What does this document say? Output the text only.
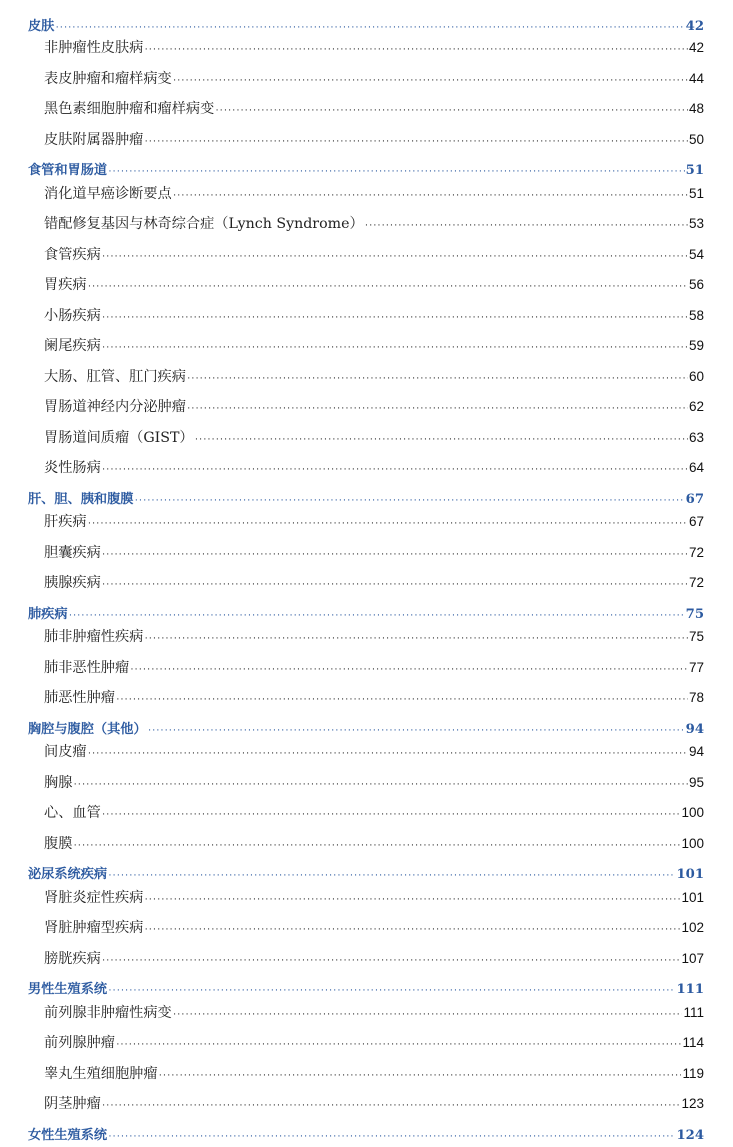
皮肤 ·····	42
非肿瘤性皮肤病 ·····	42
表皮肿瘤和瘤样病变 ·····	44
黑色素细胞肿瘤和瘤样病变 ·····	48
皮肤附属器肿瘤 ·····	50
食管和胃肠道 ·····	51
消化道早癌诊断要点 ·····	51
错配修复基因与林奇综合症（Lynch Syndrome） ·····	53
食管疾病 ·····	54
胃疾病 ·····	56
小肠疾病 ·····	58
阑尾疾病 ·····	59
大肠、肛管、肛门疾病 ·····	60
胃肠道神经内分泌肿瘤 ·····	62
胃肠道间质瘤（GIST） ·····	63
炎性肠病 ·····	64
肝、胆、胰和腹膜 ·····	67
肝疾病 ·····	67
胆囊疾病 ·····	72
胰腺疾病 ·····	72
肺疾病 ·····	75
肺非肿瘤性疾病 ·····	75
肺非恶性肿瘤 ·····	77
肺恶性肿瘤 ·····	78
胸腔与腹腔（其他） ·····	94
间皮瘤 ·····	94
胸腺 ·····	95
心、血管 ·····	100
腹膜 ·····	100
泌尿系统疾病 ·····	101
肾脏炎症性疾病 ·····	101
肾脏肿瘤型疾病 ·····	102
膀胱疾病 ·····	107
男性生殖系统 ·····	111
前列腺非肿瘤性病变 ·····	111
前列腺肿瘤 ·····	114
睾丸生殖细胞肿瘤 ·····	119
阴茎肿瘤 ·····	123
女性生殖系统 ·····	124
